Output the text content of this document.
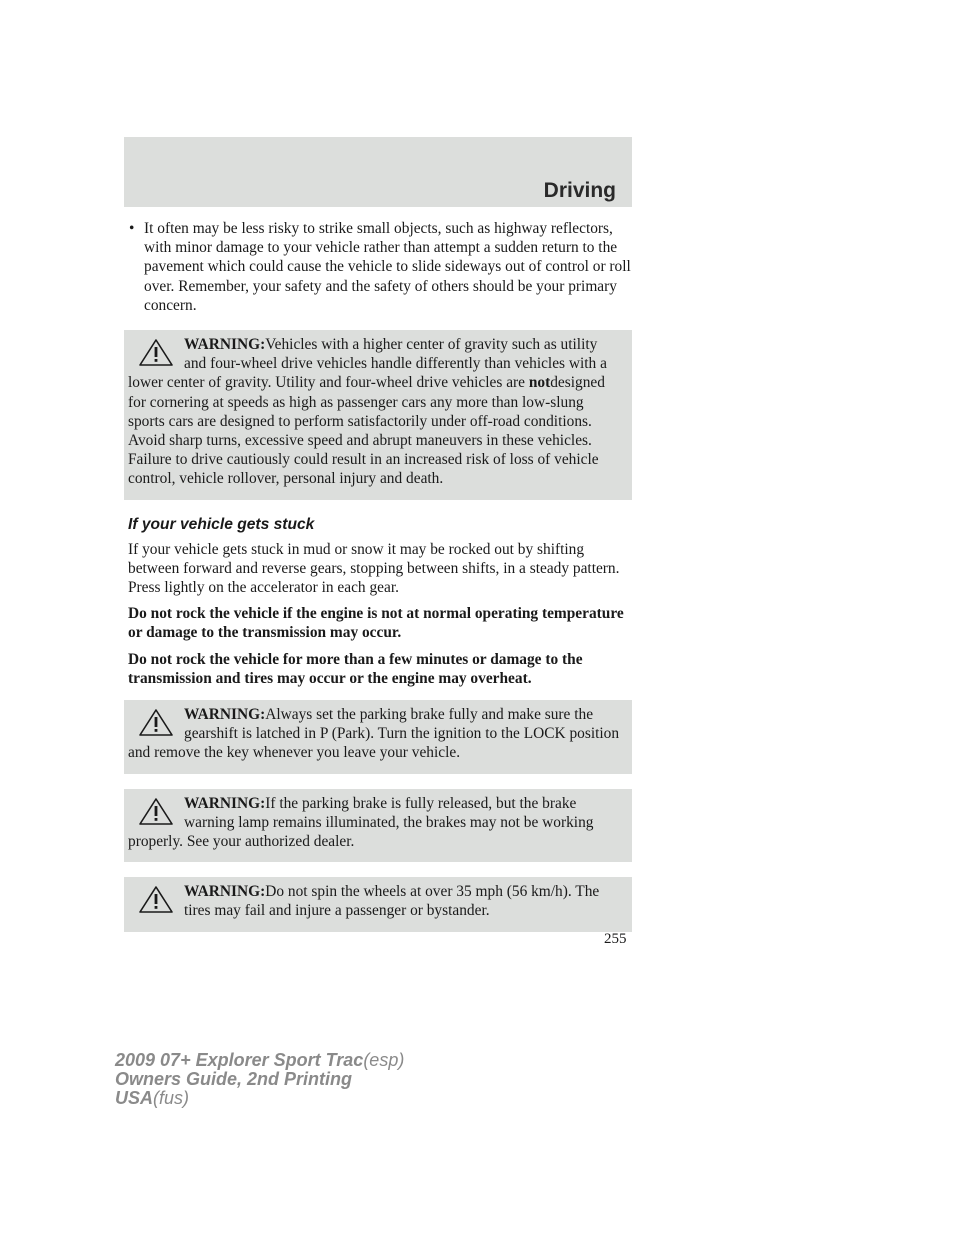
Driving
• It often may be less risky to strike small objects, such as highway reflectors, with minor damage to your vehicle rather than attempt a sudden return to the pavement which could cause the vehicle to slide sideways out of control or roll over. Remember, your safety and the safety of others should be your primary concern.

WARNING:Vehicles with a higher center of gravity such as utility and four-wheel drive vehicles handle differently than vehicles with a lower center of gravity. Utility and four-wheel drive vehicles are notdesigned for cornering at speeds as high as passenger cars any more than low-slung sports cars are designed to perform satisfactorily under off-road conditions. Avoid sharp turns, excessive speed and abrupt maneuvers in these vehicles. Failure to drive cautiously could result in an increased risk of loss of vehicle control, vehicle rollover, personal injury and death.

If your vehicle gets stuck

If your vehicle gets stuck in mud or snow it may be rocked out by shifting between forward and reverse gears, stopping between shifts, in a steady pattern. Press lightly on the accelerator in each gear.

Do not rock the vehicle if the engine is not at normal operating temperature or damage to the transmission may occur.

Do not rock the vehicle for more than a few minutes or damage to the transmission and tires may occur or the engine may overheat.

WARNING:Always set the parking brake fully and make sure the gearshift is latched in P (Park). Turn the ignition to the LOCK position and remove the key whenever you leave your vehicle.

WARNING:If the parking brake is fully released, but the brake warning lamp remains illuminated, the brakes may not be working properly. See your authorized dealer.

WARNING:Do not spin the wheels at over 35 mph (56 km/h). The tires may fail and injure a passenger or bystander.

255
2009 07+ Explorer Sport Trac(esp)
Owners Guide, 2nd Printing
USA(fus)
